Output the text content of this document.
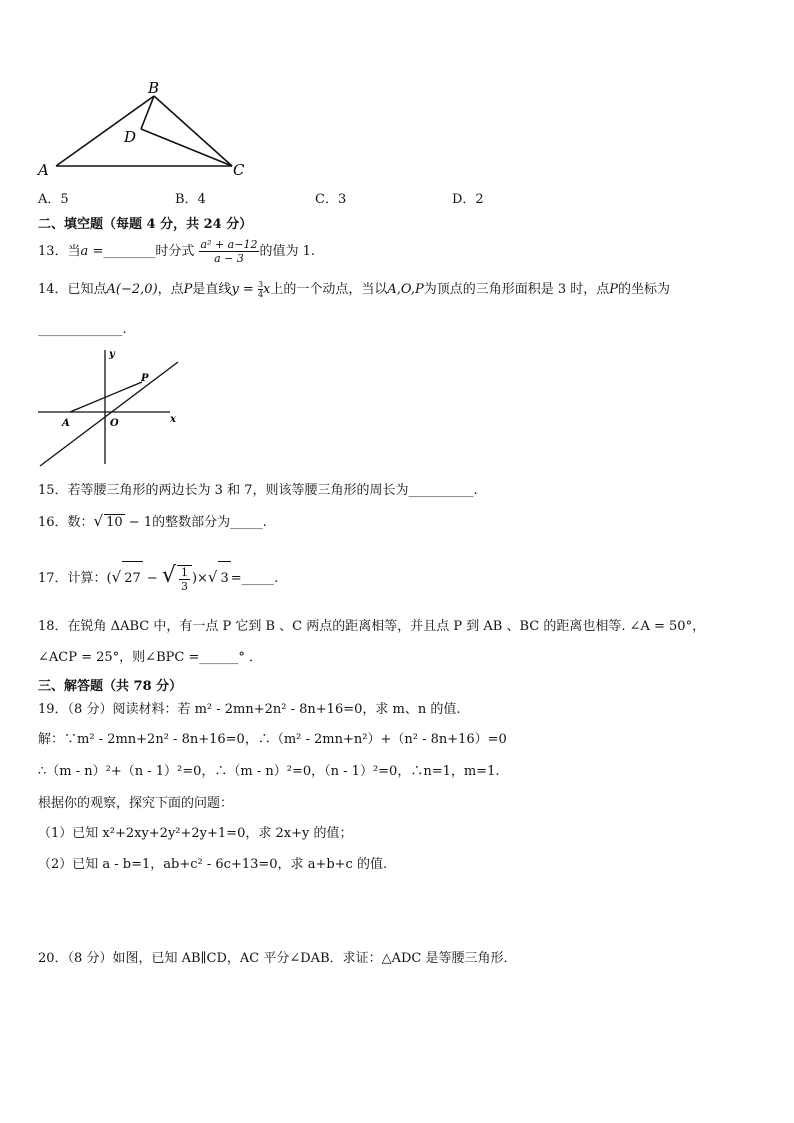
B
D
A	C
A．5	B．4	C．3	D．2
二、填空题（每题 4 分，共 24 分）
13．当a =________时分式 $\frac{\text{a² + a−12}}{a - 3}$ 的值为 1.
14．已知点A(−2,0)，点P是直线$y = \frac{3}{4}x$上的一个动点，当以A,O,P为顶点的三角形面积是 3 时，点P的坐标为
_____________.
y
P
A	O	x
15．若等腰三角形的两边长为 3 和 7，则该等腰三角形的周长为__________.
16．数：√ 10 − 1的整数部分为_____.
17．计算：(√ 27 − √ $\frac{1}{3}$ )×√ 3 =_____.
18．在锐角 ΔABC 中，有一点 P 它到 B 、C 两点的距离相等，并且点 P 到 AB 、BC 的距离也相等. ∠A = 50°，
∠ACP = 25°，则∠BPC =______° ．
三、解答题（共 78 分）
19．（8 分）阅读材料：若 m² - 2mn+2n² - 8n+16=0，求 m、n 的值.
解：∵m² - 2mn+2n² - 8n+16=0，∴（m² - 2mn+n²）+（n² - 8n+16）=0
∴（m - n）²+（n - 1）²=0，∴（m - n）²=0，（n - 1）²=0，∴n=1，m=1.
根据你的观察，探究下面的问题：
（1）已知 x²+2xy+2y²+2y+1=0，求 2x+y 的值；
（2）已知 a - b=1，ab+c² - 6c+13=0，求 a+b+c 的值.
20．（8 分）如图，已知 AB∥CD，AC 平分∠DAB．求证：△ADC 是等腰三角形．
